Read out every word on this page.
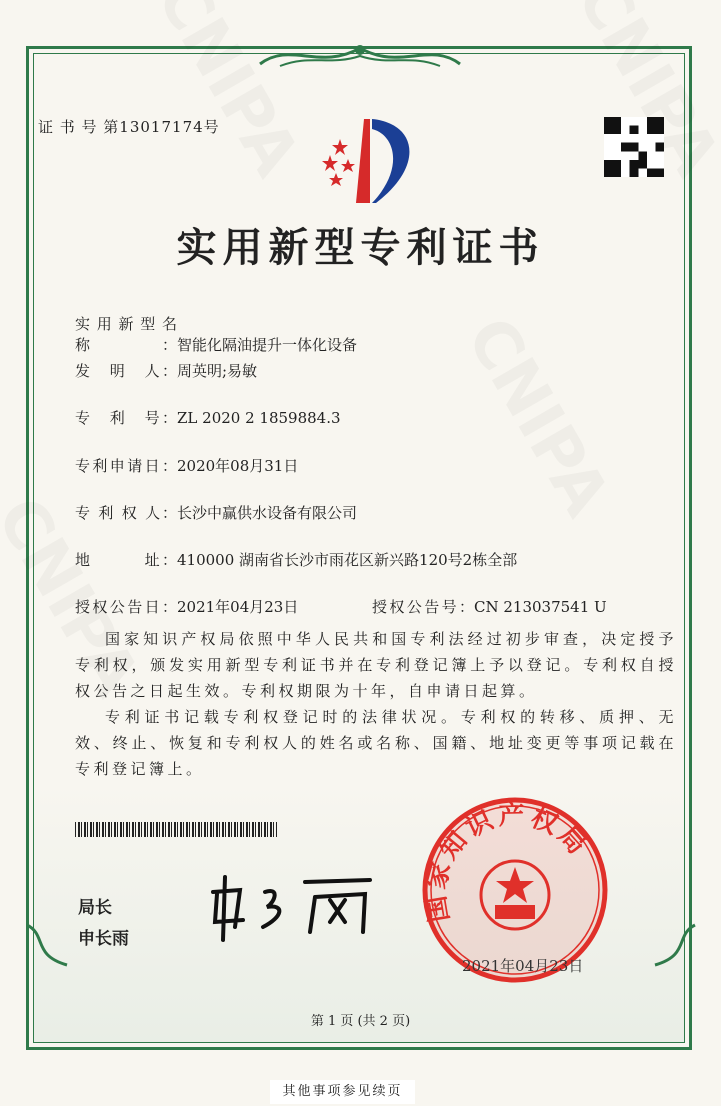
证 书 号 第13017174号
实用新型专利证书
实用新型名称：智能化隔油提升一体化设备
发　明　人：周英明;易敏
专　利　号：ZL 2020 2 1859884.3
专利申请日：2020年08月31日
专 利 权 人：长沙中赢供水设备有限公司
地　　　址：410000 湖南省长沙市雨花区新兴路120号2栋全部
授权公告日：2021年04月23日	授权公告号：CN 213037541 U

国家知识产权局依照中华人民共和国专利法经过初步审查，决定授予专利权，颁发实用新型专利证书并在专利登记簿上予以登记。专利权自授权公告之日起生效。专利权期限为十年，自申请日起算。

专利证书记载专利权登记时的法律状况。专利权的转移、质押、无效、终止、恢复和专利权人的姓名或名称、国籍、地址变更等事项记载在专利登记簿上。

局长
申长雨
国家知识产权局
2021年04月23日
第 1 页 (共 2 页)
其他事项参见续页
